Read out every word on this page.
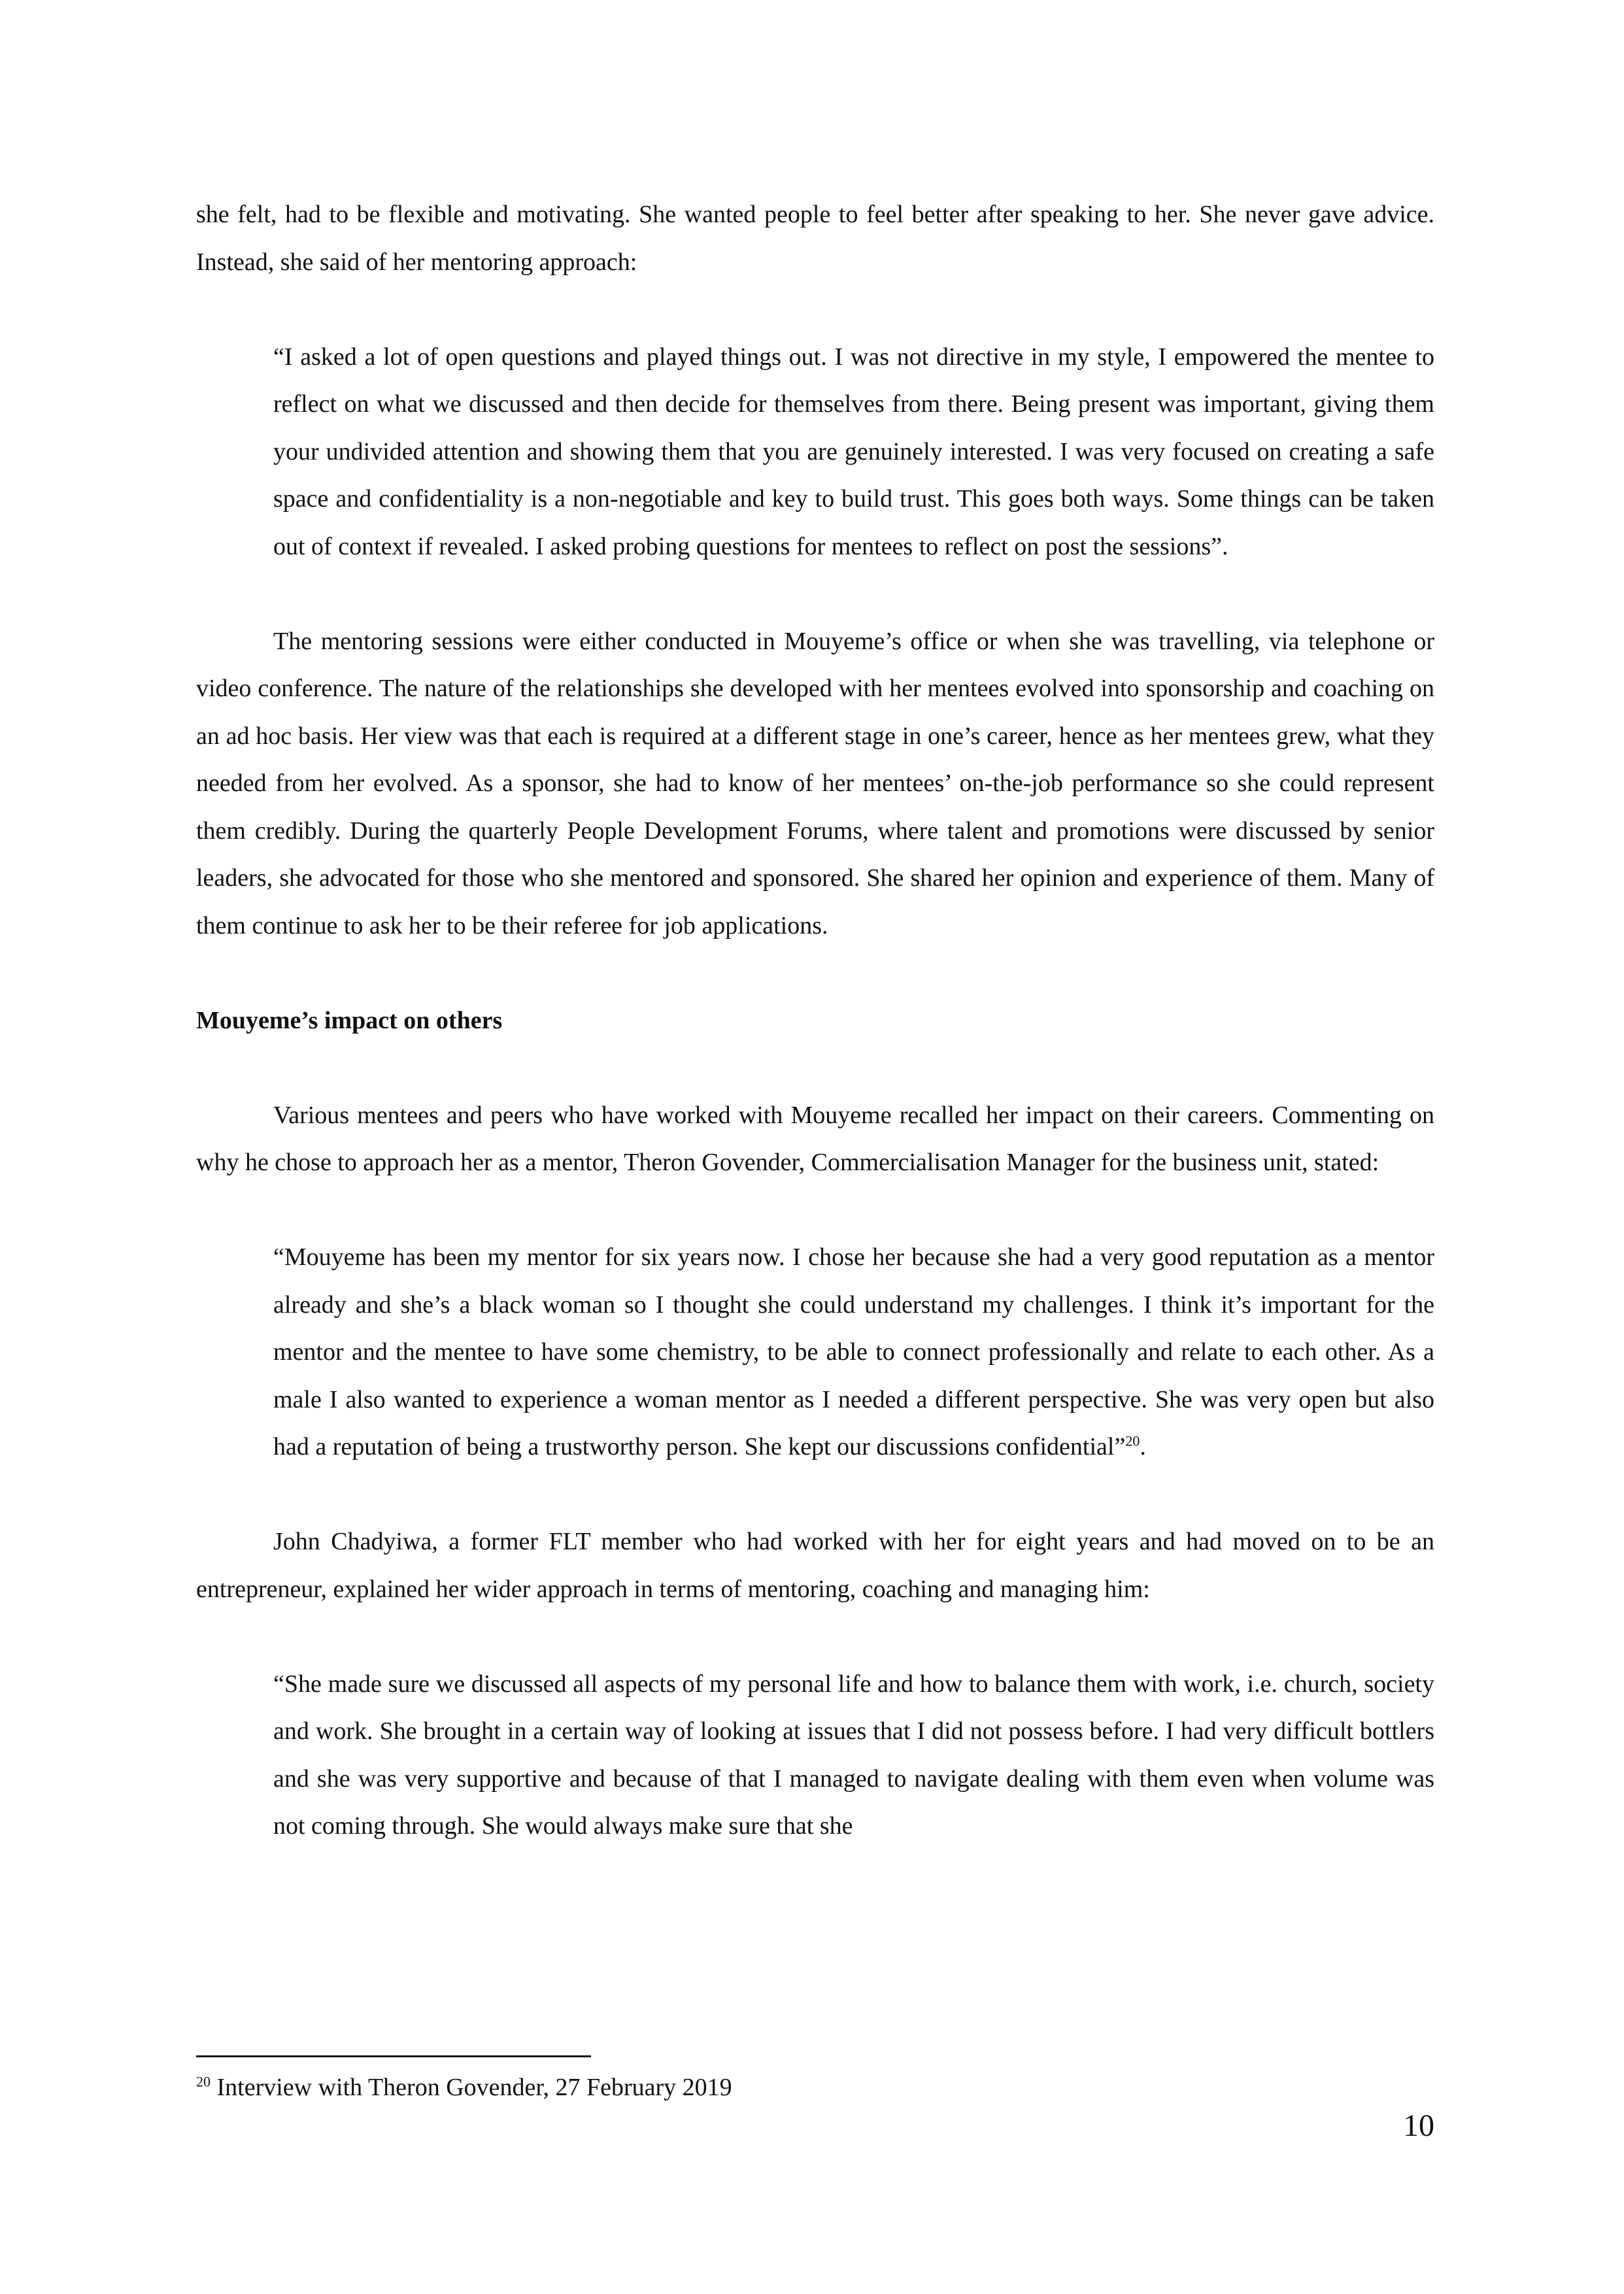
she felt, had to be flexible and motivating. She wanted people to feel better after speaking to her. She never gave advice. Instead, she said of her mentoring approach:

“I asked a lot of open questions and played things out. I was not directive in my style, I empowered the mentee to reflect on what we discussed and then decide for themselves from there. Being present was important, giving them your undivided attention and showing them that you are genuinely interested. I was very focused on creating a safe space and confidentiality is a non-negotiable and key to build trust. This goes both ways. Some things can be taken out of context if revealed. I asked probing questions for mentees to reflect on post the sessions”.

The mentoring sessions were either conducted in Mouyeme’s office or when she was travelling, via telephone or video conference. The nature of the relationships she developed with her mentees evolved into sponsorship and coaching on an ad hoc basis. Her view was that each is required at a different stage in one’s career, hence as her mentees grew, what they needed from her evolved. As a sponsor, she had to know of her mentees’ on-the-job performance so she could represent them credibly. During the quarterly People Development Forums, where talent and promotions were discussed by senior leaders, she advocated for those who she mentored and sponsored. She shared her opinion and experience of them. Many of them continue to ask her to be their referee for job applications.

Mouyeme’s impact on others

Various mentees and peers who have worked with Mouyeme recalled her impact on their careers. Commenting on why he chose to approach her as a mentor, Theron Govender, Commercialisation Manager for the business unit, stated:

“Mouyeme has been my mentor for six years now. I chose her because she had a very good reputation as a mentor already and she’s a black woman so I thought she could understand my challenges. I think it’s important for the mentor and the mentee to have some chemistry, to be able to connect professionally and relate to each other. As a male I also wanted to experience a woman mentor as I needed a different perspective. She was very open but also had a reputation of being a trustworthy person. She kept our discussions confidential”$^{20}$.

John Chadyiwa, a former FLT member who had worked with her for eight years and had moved on to be an entrepreneur, explained her wider approach in terms of mentoring, coaching and managing him:

“She made sure we discussed all aspects of my personal life and how to balance them with work, i.e. church, society and work. She brought in a certain way of looking at issues that I did not possess before. I had very difficult bottlers and she was very supportive and because of that I managed to navigate dealing with them even when volume was not coming through. She would always make sure that she

$^{20}$ Interview with Theron Govender, 27 February 2019

10
